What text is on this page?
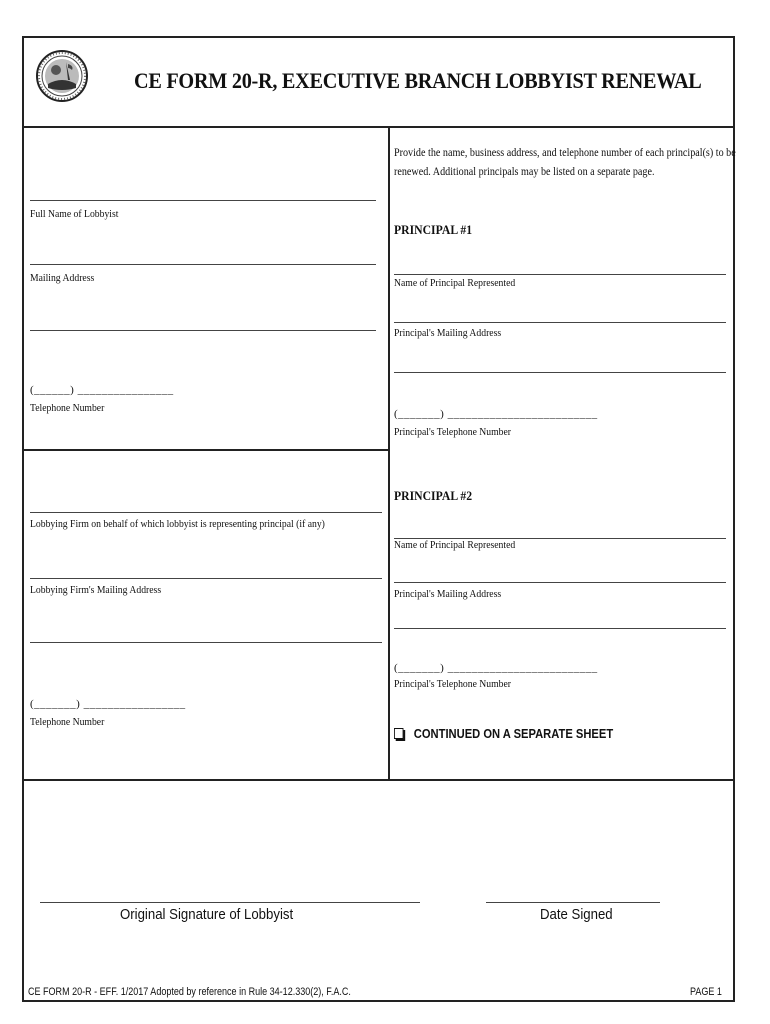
CE FORM 20-R, EXECUTIVE BRANCH LOBBYIST RENEWAL
Full Name of Lobbyist
Mailing Address
(______) ________________
Telephone Number
Lobbying Firm on behalf of which lobbyist is representing principal (if any)
Lobbying Firm's Mailing Address
(_______) _________________
Telephone Number
Provide the name, business address, and telephone number of each principal(s) to be
renewed. Additional principals may be listed on a separate page.
PRINCIPAL #1
Name of Principal Represented
Principal's Mailing Address
(_______) _________________________
Principal's Telephone Number
PRINCIPAL #2
Name of Principal Represented
Principal's Mailing Address
(_______) _________________________
Principal's Telephone Number
CONTINUED ON A SEPARATE SHEET
Original Signature of Lobbyist	Date Signed
CE FORM 20-R - EFF. 1/2017 Adopted by reference in Rule 34-12.330(2), F.A.C.	PAGE 1
